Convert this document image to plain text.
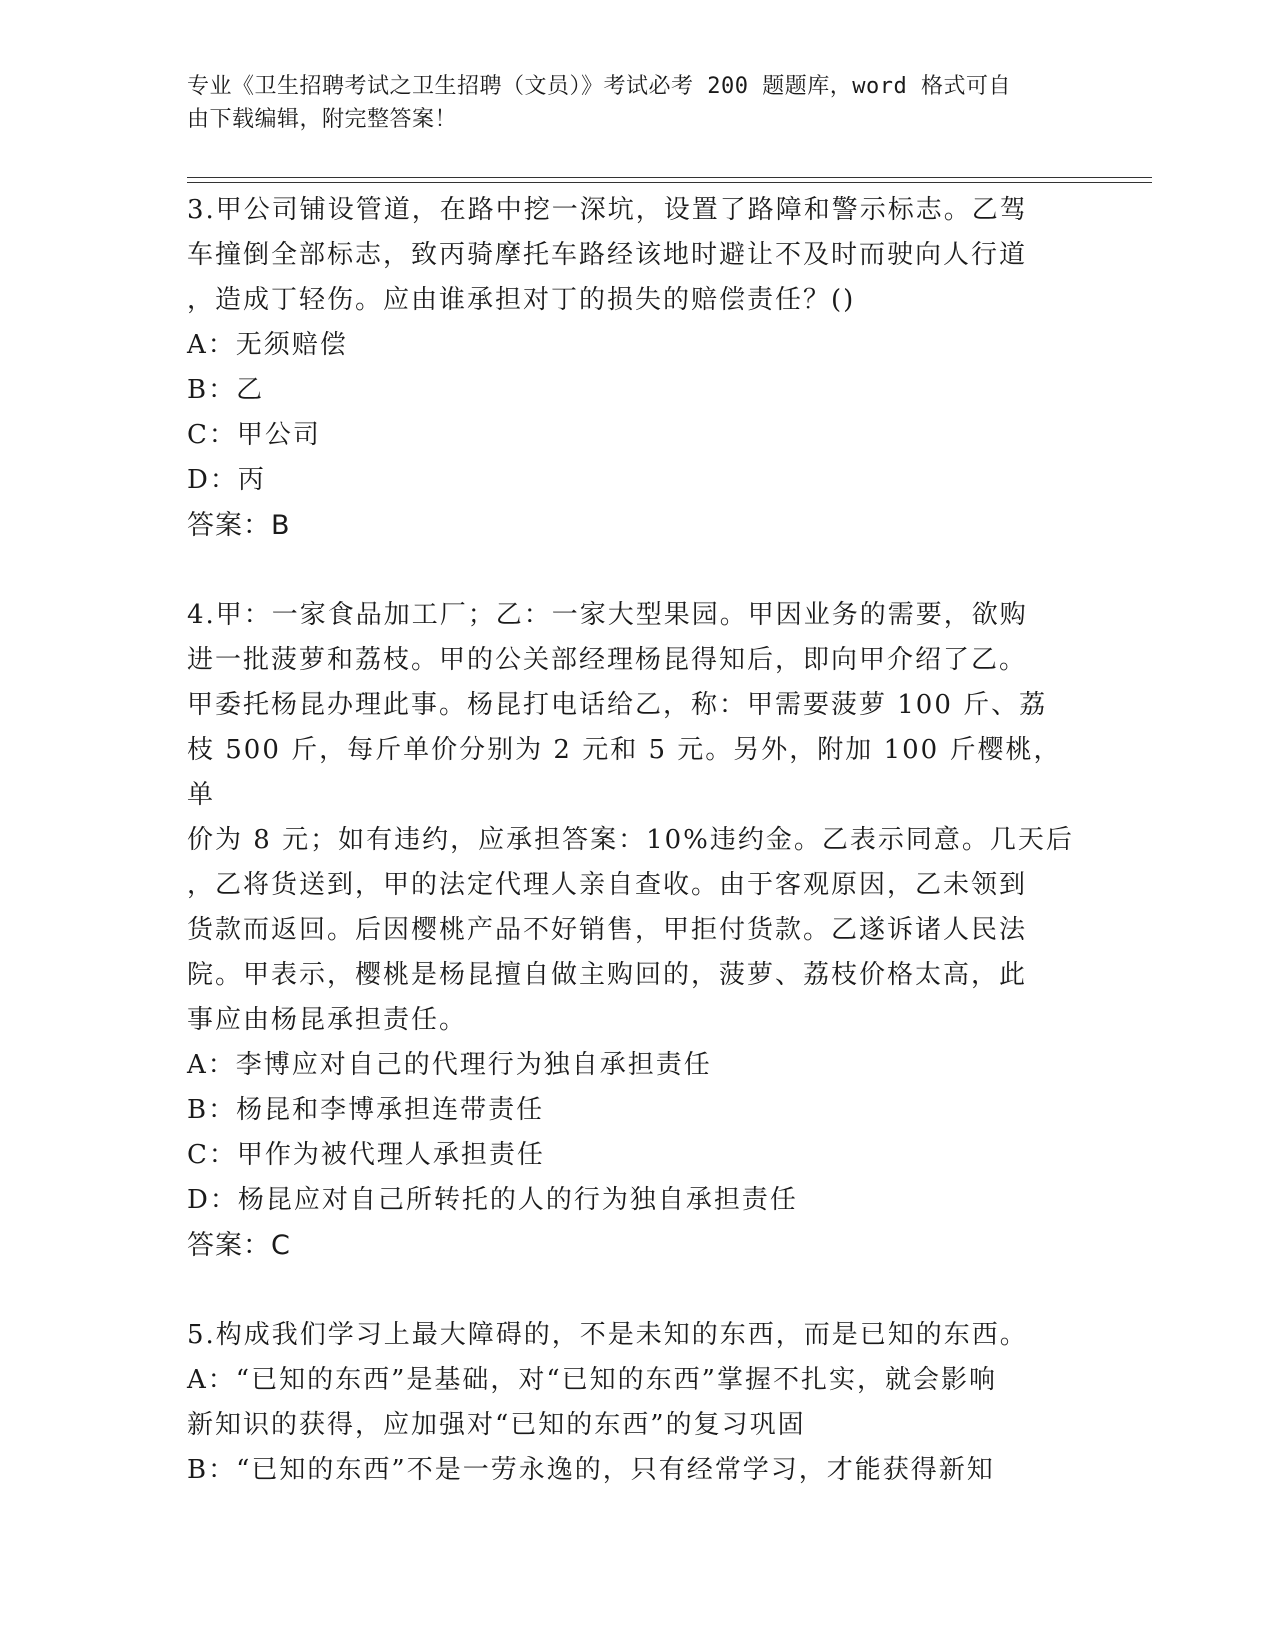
专业《卫生招聘考试之卫生招聘（文员）》考试必考 200 题题库，word 格式可自
由下载编辑，附完整答案！

3.甲公司铺设管道，在路中挖一深坑，设置了路障和警示标志。乙驾

车撞倒全部标志，致丙骑摩托车路经该地时避让不及时而驶向人行道

，造成丁轻伤。应由谁承担对丁的损失的赔偿责任？()

A：无须赔偿

B：乙

C：甲公司

D：丙

答案：B

4.甲：一家食品加工厂；乙：一家大型果园。甲因业务的需要，欲购

进一批菠萝和荔枝。甲的公关部经理杨昆得知后，即向甲介绍了乙。

甲委托杨昆办理此事。杨昆打电话给乙，称：甲需要菠萝 100 斤、荔

枝 500 斤，每斤单价分别为 2 元和 5 元。另外，附加 100 斤樱桃，单

价为 8 元；如有违约，应承担答案：10%违约金。乙表示同意。几天后

，乙将货送到，甲的法定代理人亲自查收。由于客观原因，乙未领到

货款而返回。后因樱桃产品不好销售，甲拒付货款。乙遂诉诸人民法

院。甲表示，樱桃是杨昆擅自做主购回的，菠萝、荔枝价格太高，此

事应由杨昆承担责任。

A：李博应对自己的代理行为独自承担责任

B：杨昆和李博承担连带责任

C：甲作为被代理人承担责任

D：杨昆应对自己所转托的人的行为独自承担责任

答案：C

5.构成我们学习上最大障碍的，不是未知的东西，而是已知的东西。

A：“已知的东西”是基础，对“已知的东西”掌握不扎实，就会影响

新知识的获得，应加强对“已知的东西”的复习巩固

B：“已知的东西”不是一劳永逸的，只有经常学习，才能获得新知
